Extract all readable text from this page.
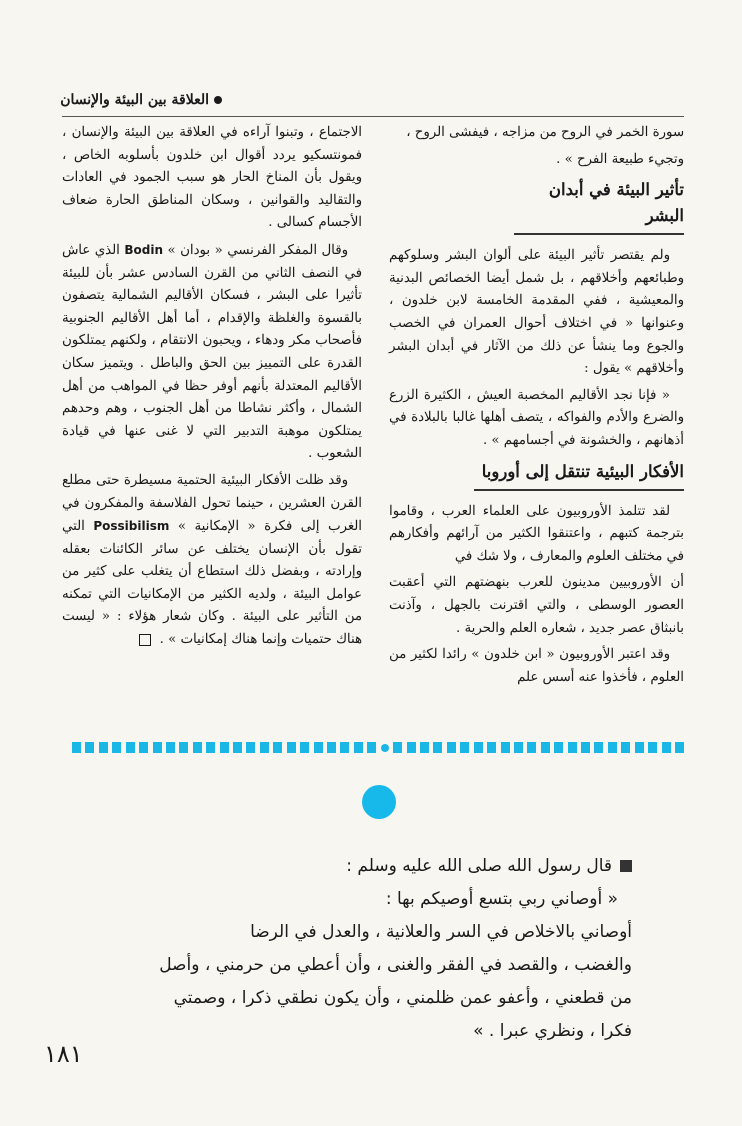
العلاقة بين البيئة والإنسان

سورة الخمر في الروح من مزاجه ، فيفشى الروح ،

وتجيء طبيعة الفرح » .

تأثير البيئة في أبدان البشر

ولم يقتصر تأثير البيئة على ألوان البشر وسلوكهم وطبائعهم وأخلاقهم ، بل شمل أيضا الخصائص البدنية والمعيشية ، ففي المقدمة الخامسة لابن خلدون ، وعنوانها « في اختلاف أحوال العمران في الخصب والجوع وما ينشأ عن ذلك من الآثار في أبدان البشر وأخلاقهم » يقول :

« فإنا نجد الأقاليم المخصبة العيش ، الكثيرة الزرع والضرع والأدم والفواكه ، يتصف أهلها غالبا بالبلادة في أذهانهم ، والخشونة في أجسامهم » .

الأفكار البيئية تنتقل إلى أوروبا

لقد تتلمذ الأوروبيون على العلماء العرب ، وقاموا بترجمة كتبهم ، واعتنقوا الكثير من آرائهم وأفكارهم في مختلف العلوم والمعارف ، ولا شك في

أن الأوروبيين مدينون للعرب بنهضتهم التي أعقبت العصور الوسطى ، والتي اقترنت بالجهل ، وآذنت بانبثاق عصر جديد ، شعاره العلم والحرية .

وقد اعتبر الأوروبيون « ابن خلدون » رائدا لكثير من العلوم ، فأخذوا عنه أسس علم

الاجتماع ، وتبنوا آراءه في العلاقة بين البيئة والإنسان ، فمونتسكيو يردد أقوال ابن خلدون بأسلوبه الخاص ، ويقول بأن المناخ الحار هو سبب الجمود في العادات والتقاليد والقوانين ، وسكان المناطق الحارة ضعاف الأجسام كسالى .

وقال المفكر الفرنسي « بودان » Bodin الذي عاش في النصف الثاني من القرن السادس عشر بأن للبيئة تأثيرا على البشر ، فسكان الأقاليم الشمالية يتصفون بالقسوة والغلظة والإقدام ، أما أهل الأقاليم الجنوبية فأصحاب مكر ودهاء ، ويحبون الانتقام ، ولكنهم يمتلكون القدرة على التمييز بين الحق والباطل . ويتميز سكان الأقاليم المعتدلة بأنهم أوفر حظا في المواهب من أهل الشمال ، وأكثر نشاطا من أهل الجنوب ، وهم وحدهم يمتلكون موهبة التدبير التي لا غنى عنها في قيادة الشعوب .

وقد ظلت الأفكار البيئية الحتمية مسيطرة حتى مطلع القرن العشرين ، حينما تحول الفلاسفة والمفكرون في الغرب إلى فكرة « الإمكانية » Possibilism التي تقول بأن الإنسان يختلف عن سائر الكائنات بعقله وإرادته ، وبفضل ذلك استطاع أن يتغلب على كثير من عوامل البيئة ، ولديه الكثير من الإمكانيات التي تمكنه من التأثير على البيئة . وكان شعار هؤلاء : « ليست هناك حتميات وإنما هناك إمكانيات » .

قال رسول الله صلى الله عليه وسلم :
« أوصاني ربي بتسع أوصيكم بها :
أوصاني بالاخلاص في السر والعلانية ، والعدل في الرضا
والغضب ، والقصد في الفقر والغنى ، وأن أعطي من حرمني ، وأصل
من قطعني ، وأعفو عمن ظلمني ، وأن يكون نطقي ذكرا ، وصمتي
فكرا ، ونظري عبرا . »
١٨١
